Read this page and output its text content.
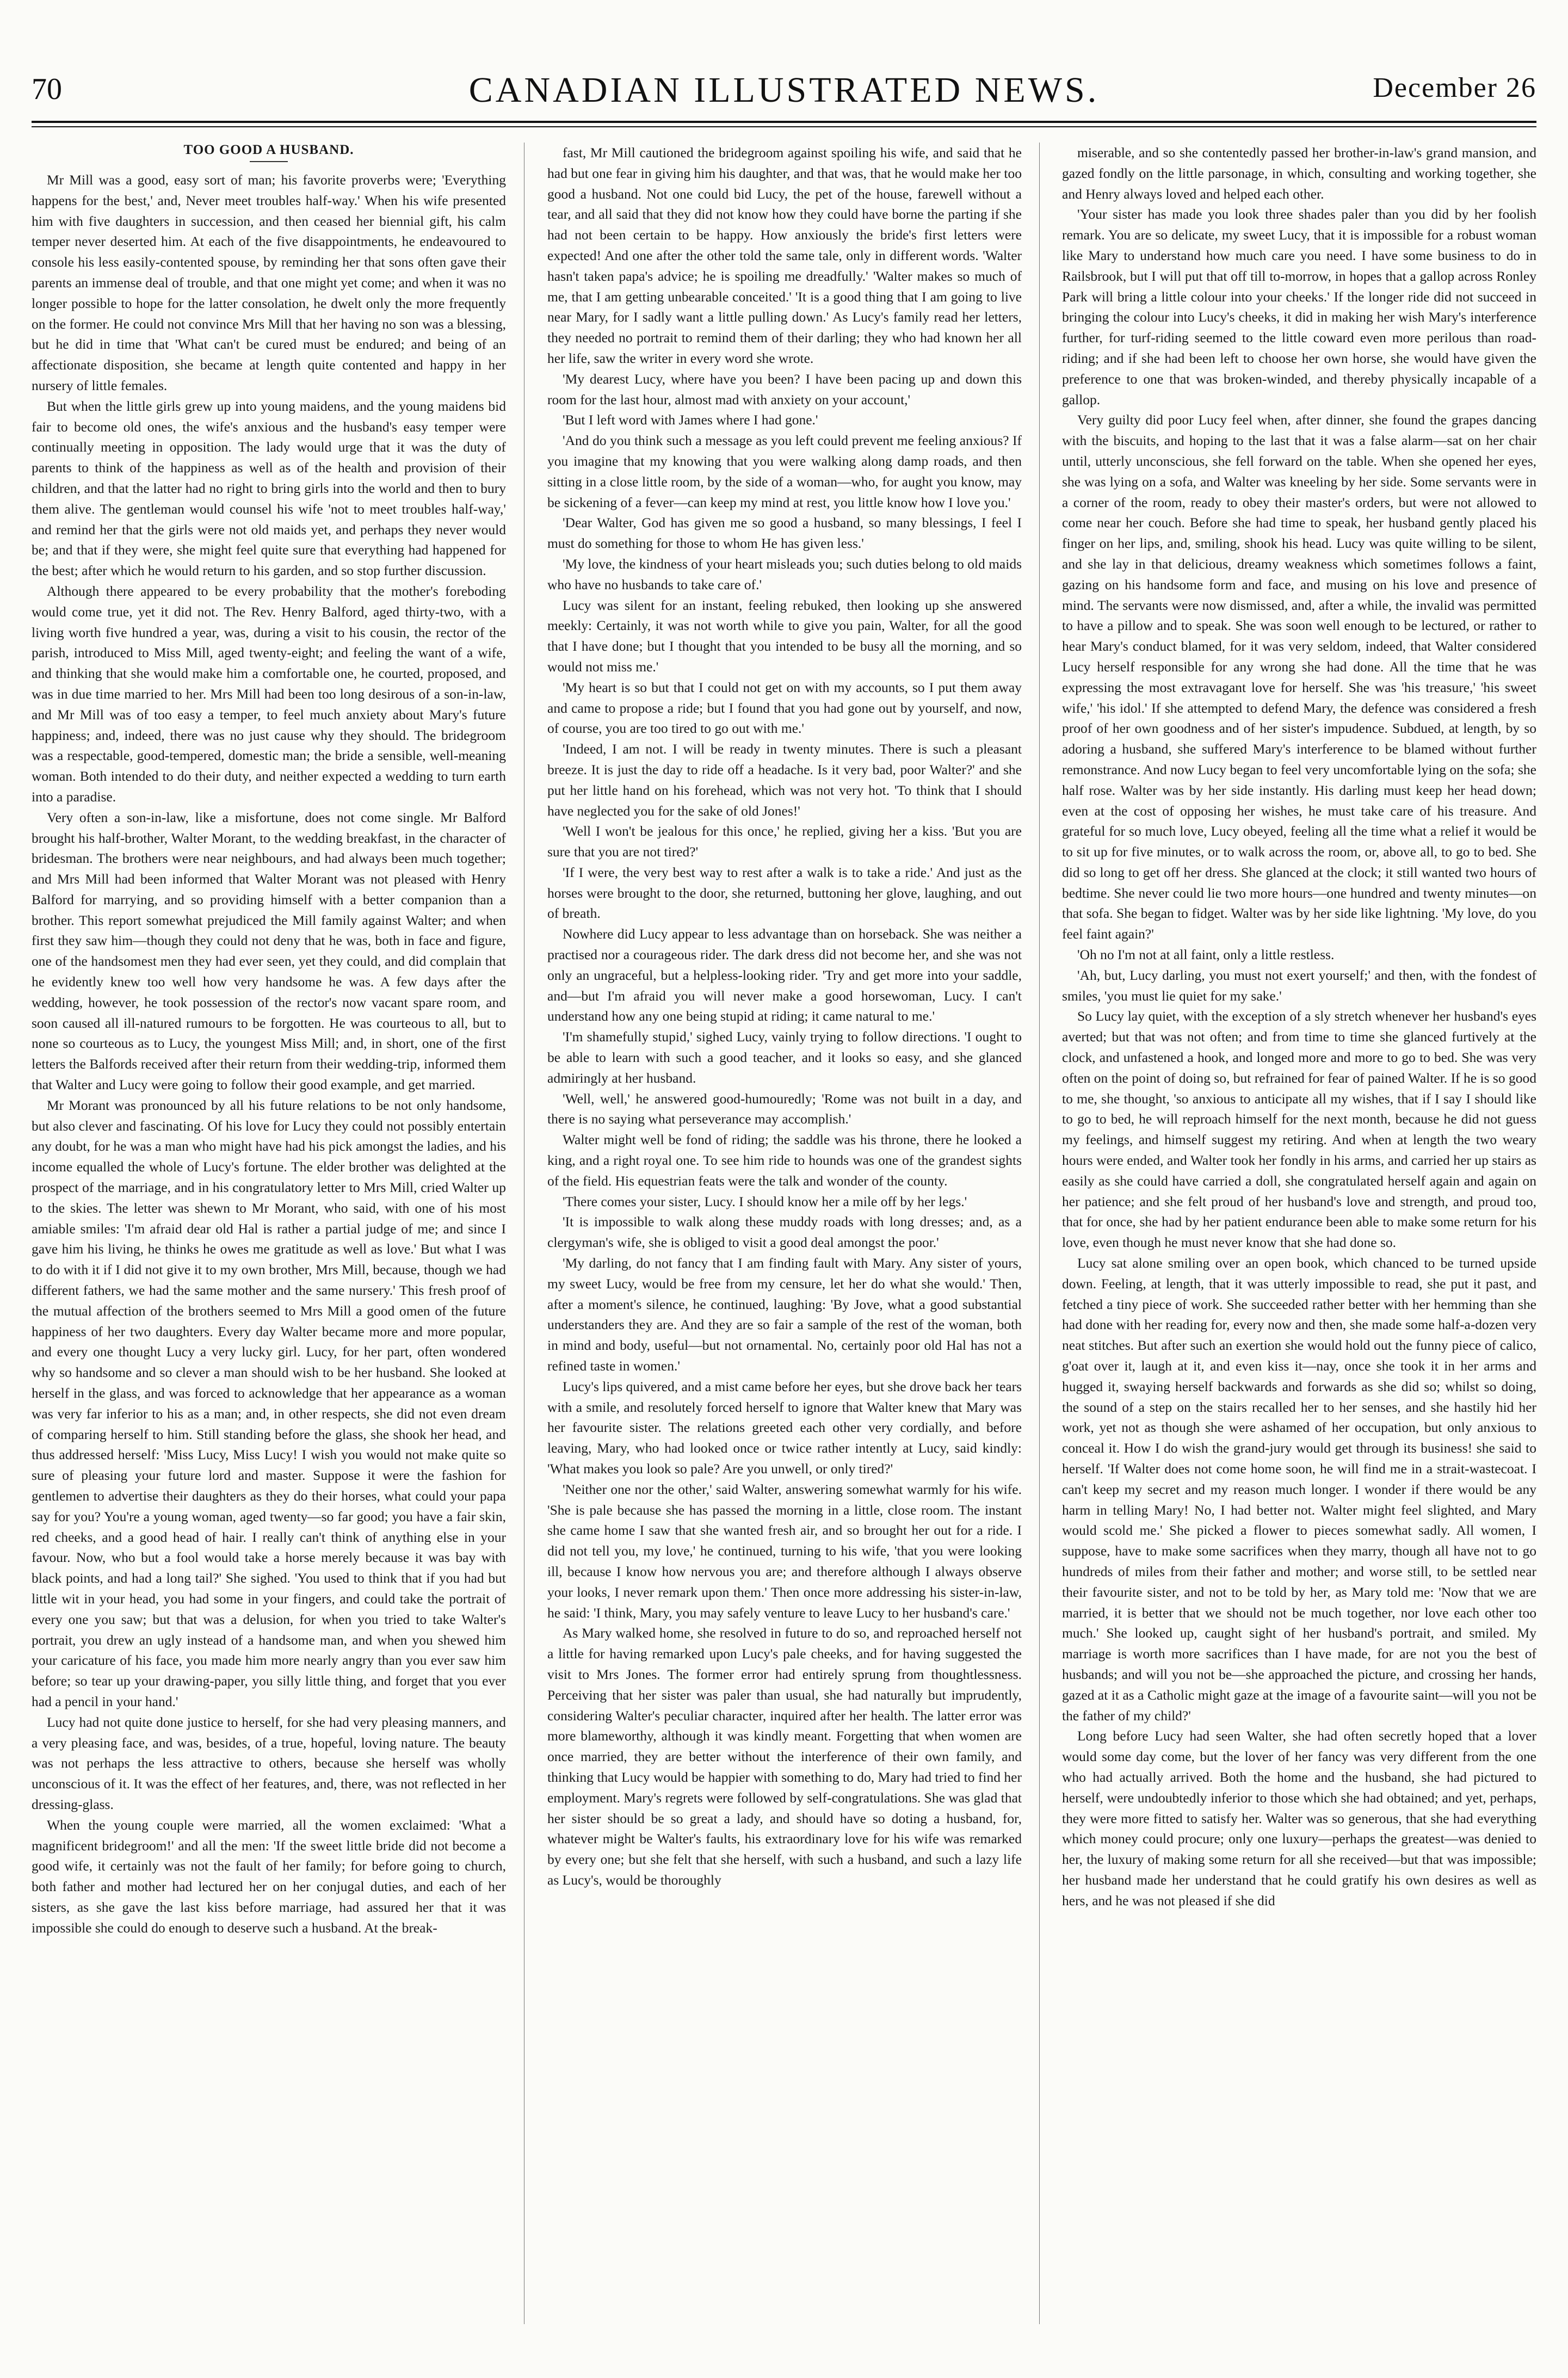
70	CANADIAN ILLUSTRATED NEWS.	December 26
TOO GOOD A HUSBAND.

Mr Mill was a good, easy sort of man; his favorite proverbs were; 'Everything happens for the best,' and, Never meet troubles half-way.' When his wife presented him with five daughters in succession, and then ceased her biennial gift, his calm temper never deserted him. At each of the five disappointments, he endeavoured to console his less easily-contented spouse, by reminding her that sons often gave their parents an immense deal of trouble, and that one might yet come; and when it was no longer possible to hope for the latter consolation, he dwelt only the more frequently on the former. He could not convince Mrs Mill that her having no son was a blessing, but he did in time that 'What can't be cured must be endured; and being of an affectionate disposition, she became at length quite contented and happy in her nursery of little females.

But when the little girls grew up into young maidens, and the young maidens bid fair to become old ones, the wife's anxious and the husband's easy temper were continually meeting in opposition. The lady would urge that it was the duty of parents to think of the happiness as well as of the health and provision of their children, and that the latter had no right to bring girls into the world and then to bury them alive. The gentleman would counsel his wife 'not to meet troubles half-way,' and remind her that the girls were not old maids yet, and perhaps they never would be; and that if they were, she might feel quite sure that everything had happened for the best; after which he would return to his garden, and so stop further discussion.

Although there appeared to be every probability that the mother's foreboding would come true, yet it did not. The Rev. Henry Balford, aged thirty-two, with a living worth five hundred a year, was, during a visit to his cousin, the rector of the parish, introduced to Miss Mill, aged twenty-eight; and feeling the want of a wife, and thinking that she would make him a comfortable one, he courted, proposed, and was in due time married to her. Mrs Mill had been too long desirous of a son-in-law, and Mr Mill was of too easy a temper, to feel much anxiety about Mary's future happiness; and, indeed, there was no just cause why they should. The bridegroom was a respectable, good-tempered, domestic man; the bride a sensible, well-meaning woman. Both intended to do their duty, and neither expected a wedding to turn earth into a paradise.

Very often a son-in-law, like a misfortune, does not come single. Mr Balford brought his half-brother, Walter Morant, to the wedding breakfast, in the character of bridesman. The brothers were near neighbours, and had always been much together; and Mrs Mill had been informed that Walter Morant was not pleased with Henry Balford for marrying, and so providing himself with a better companion than a brother. This report somewhat prejudiced the Mill family against Walter; and when first they saw him—though they could not deny that he was, both in face and figure, one of the handsomest men they had ever seen, yet they could, and did complain that he evidently knew too well how very handsome he was. A few days after the wedding, however, he took possession of the rector's now vacant spare room, and soon caused all ill-natured rumours to be forgotten. He was courteous to all, but to none so courteous as to Lucy, the youngest Miss Mill; and, in short, one of the first letters the Balfords received after their return from their wedding-trip, informed them that Walter and Lucy were going to follow their good example, and get married.

Mr Morant was pronounced by all his future relations to be not only handsome, but also clever and fascinating. Of his love for Lucy they could not possibly entertain any doubt, for he was a man who might have had his pick amongst the ladies, and his income equalled the whole of Lucy's fortune. The elder brother was delighted at the prospect of the marriage, and in his congratulatory letter to Mrs Mill, cried Walter up to the skies. The letter was shewn to Mr Morant, who said, with one of his most amiable smiles: 'I'm afraid dear old Hal is rather a partial judge of me; and since I gave him his living, he thinks he owes me gratitude as well as love.' But what I was to do with it if I did not give it to my own brother, Mrs Mill, because, though we had different fathers, we had the same mother and the same nursery.' This fresh proof of the mutual affection of the brothers seemed to Mrs Mill a good omen of the future happiness of her two daughters. Every day Walter became more and more popular, and every one thought Lucy a very lucky girl. Lucy, for her part, often wondered why so handsome and so clever a man should wish to be her husband. She looked at herself in the glass, and was forced to acknowledge that her appearance as a woman was very far inferior to his as a man; and, in other respects, she did not even dream of comparing herself to him. Still standing before the glass, she shook her head, and thus addressed herself: 'Miss Lucy, Miss Lucy! I wish you would not make quite so sure of pleasing your future lord and master. Suppose it were the fashion for gentlemen to advertise their daughters as they do their horses, what could your papa say for you? You're a young woman, aged twenty—so far good; you have a fair skin, red cheeks, and a good head of hair. I really can't think of anything else in your favour. Now, who but a fool would take a horse merely because it was bay with black points, and had a long tail?' She sighed. 'You used to think that if you had but little wit in your head, you had some in your fingers, and could take the portrait of every one you saw; but that was a delusion, for when you tried to take Walter's portrait, you drew an ugly instead of a handsome man, and when you shewed him your caricature of his face, you made him more nearly angry than you ever saw him before; so tear up your drawing-paper, you silly little thing, and forget that you ever had a pencil in your hand.'

Lucy had not quite done justice to herself, for she had very pleasing manners, and a very pleasing face, and was, besides, of a true, hopeful, loving nature. The beauty was not perhaps the less attractive to others, because she herself was wholly unconscious of it. It was the effect of her features, and, there, was not reflected in her dressing-glass.

When the young couple were married, all the women exclaimed: 'What a magnificent bridegroom!' and all the men: 'If the sweet little bride did not become a good wife, it certainly was not the fault of her family; for before going to church, both father and mother had lectured her on her conjugal duties, and each of her sisters, as she gave the last kiss before marriage, had assured her that it was impossible she could do enough to deserve such a husband. At the break-

fast, Mr Mill cautioned the bridegroom against spoiling his wife, and said that he had but one fear in giving him his daughter, and that was, that he would make her too good a husband. Not one could bid Lucy, the pet of the house, farewell without a tear, and all said that they did not know how they could have borne the parting if she had not been certain to be happy. How anxiously the bride's first letters were expected! And one after the other told the same tale, only in different words. 'Walter hasn't taken papa's advice; he is spoiling me dreadfully.' 'Walter makes so much of me, that I am getting unbearable conceited.' 'It is a good thing that I am going to live near Mary, for I sadly want a little pulling down.' As Lucy's family read her letters, they needed no portrait to remind them of their darling; they who had known her all her life, saw the writer in every word she wrote.

'My dearest Lucy, where have you been? I have been pacing up and down this room for the last hour, almost mad with anxiety on your account,'

'But I left word with James where I had gone.'

'And do you think such a message as you left could prevent me feeling anxious? If you imagine that my knowing that you were walking along damp roads, and then sitting in a close little room, by the side of a woman—who, for aught you know, may be sickening of a fever—can keep my mind at rest, you little know how I love you.'

'Dear Walter, God has given me so good a husband, so many blessings, I feel I must do something for those to whom He has given less.'

'My love, the kindness of your heart misleads you; such duties belong to old maids who have no husbands to take care of.'

Lucy was silent for an instant, feeling rebuked, then looking up she answered meekly: Certainly, it was not worth while to give you pain, Walter, for all the good that I have done; but I thought that you intended to be busy all the morning, and so would not miss me.'

'My heart is so but that I could not get on with my accounts, so I put them away and came to propose a ride; but I found that you had gone out by yourself, and now, of course, you are too tired to go out with me.'

'Indeed, I am not. I will be ready in twenty minutes. There is such a pleasant breeze. It is just the day to ride off a headache. Is it very bad, poor Walter?' and she put her little hand on his forehead, which was not very hot. 'To think that I should have neglected you for the sake of old Jones!'

'Well I won't be jealous for this once,' he replied, giving her a kiss. 'But you are sure that you are not tired?'

'If I were, the very best way to rest after a walk is to take a ride.' And just as the horses were brought to the door, she returned, buttoning her glove, laughing, and out of breath.

Nowhere did Lucy appear to less advantage than on horseback. She was neither a practised nor a courageous rider. The dark dress did not become her, and she was not only an ungraceful, but a helpless-looking rider. 'Try and get more into your saddle, and—but I'm afraid you will never make a good horsewoman, Lucy. I can't understand how any one being stupid at riding; it came natural to me.'

'I'm shamefully stupid,' sighed Lucy, vainly trying to follow directions. 'I ought to be able to learn with such a good teacher, and it looks so easy, and she glanced admiringly at her husband.

'Well, well,' he answered good-humouredly; 'Rome was not built in a day, and there is no saying what perseverance may accomplish.'

Walter might well be fond of riding; the saddle was his throne, there he looked a king, and a right royal one. To see him ride to hounds was one of the grandest sights of the field. His equestrian feats were the talk and wonder of the county.

'There comes your sister, Lucy. I should know her a mile off by her legs.'

'It is impossible to walk along these muddy roads with long dresses; and, as a clergyman's wife, she is obliged to visit a good deal amongst the poor.'

'My darling, do not fancy that I am finding fault with Mary. Any sister of yours, my sweet Lucy, would be free from my censure, let her do what she would.' Then, after a moment's silence, he continued, laughing: 'By Jove, what a good substantial understanders they are. And they are so fair a sample of the rest of the woman, both in mind and body, useful—but not ornamental. No, certainly poor old Hal has not a refined taste in women.'

Lucy's lips quivered, and a mist came before her eyes, but she drove back her tears with a smile, and resolutely forced herself to ignore that Walter knew that Mary was her favourite sister. The relations greeted each other very cordially, and before leaving, Mary, who had looked once or twice rather intently at Lucy, said kindly: 'What makes you look so pale? Are you unwell, or only tired?'

'Neither one nor the other,' said Walter, answering somewhat warmly for his wife. 'She is pale because she has passed the morning in a little, close room. The instant she came home I saw that she wanted fresh air, and so brought her out for a ride. I did not tell you, my love,' he continued, turning to his wife, 'that you were looking ill, because I know how nervous you are; and therefore although I always observe your looks, I never remark upon them.' Then once more addressing his sister-in-law, he said: 'I think, Mary, you may safely venture to leave Lucy to her husband's care.'

As Mary walked home, she resolved in future to do so, and reproached herself not a little for having remarked upon Lucy's pale cheeks, and for having suggested the visit to Mrs Jones. The former error had entirely sprung from thoughtlessness. Perceiving that her sister was paler than usual, she had naturally but imprudently, considering Walter's peculiar character, inquired after her health. The latter error was more blameworthy, although it was kindly meant. Forgetting that when women are once married, they are better without the interference of their own family, and thinking that Lucy would be happier with something to do, Mary had tried to find her employment. Mary's regrets were followed by self-congratulations. She was glad that her sister should be so great a lady, and should have so doting a husband, for, whatever might be Walter's faults, his extraordinary love for his wife was remarked by every one; but she felt that she herself, with such a husband, and such a lazy life as Lucy's, would be thoroughly

miserable, and so she contentedly passed her brother-in-law's grand mansion, and gazed fondly on the little parsonage, in which, consulting and working together, she and Henry always loved and helped each other.

'Your sister has made you look three shades paler than you did by her foolish remark. You are so delicate, my sweet Lucy, that it is impossible for a robust woman like Mary to understand how much care you need. I have some business to do in Railsbrook, but I will put that off till to-morrow, in hopes that a gallop across Ronley Park will bring a little colour into your cheeks.' If the longer ride did not succeed in bringing the colour into Lucy's cheeks, it did in making her wish Mary's interference further, for turf-riding seemed to the little coward even more perilous than road-riding; and if she had been left to choose her own horse, she would have given the preference to one that was broken-winded, and thereby physically incapable of a gallop.

Very guilty did poor Lucy feel when, after dinner, she found the grapes dancing with the biscuits, and hoping to the last that it was a false alarm—sat on her chair until, utterly unconscious, she fell forward on the table. When she opened her eyes, she was lying on a sofa, and Walter was kneeling by her side. Some servants were in a corner of the room, ready to obey their master's orders, but were not allowed to come near her couch. Before she had time to speak, her husband gently placed his finger on her lips, and, smiling, shook his head. Lucy was quite willing to be silent, and she lay in that delicious, dreamy weakness which sometimes follows a faint, gazing on his handsome form and face, and musing on his love and presence of mind. The servants were now dismissed, and, after a while, the invalid was permitted to have a pillow and to speak. She was soon well enough to be lectured, or rather to hear Mary's conduct blamed, for it was very seldom, indeed, that Walter considered Lucy herself responsible for any wrong she had done. All the time that he was expressing the most extravagant love for herself. She was 'his treasure,' 'his sweet wife,' 'his idol.' If she attempted to defend Mary, the defence was considered a fresh proof of her own goodness and of her sister's impudence. Subdued, at length, by so adoring a husband, she suffered Mary's interference to be blamed without further remonstrance. And now Lucy began to feel very uncomfortable lying on the sofa; she half rose. Walter was by her side instantly. His darling must keep her head down; even at the cost of opposing her wishes, he must take care of his treasure. And grateful for so much love, Lucy obeyed, feeling all the time what a relief it would be to sit up for five minutes, or to walk across the room, or, above all, to go to bed. She did so long to get off her dress. She glanced at the clock; it still wanted two hours of bedtime. She never could lie two more hours—one hundred and twenty minutes—on that sofa. She began to fidget. Walter was by her side like lightning. 'My love, do you feel faint again?'

'Oh no I'm not at all faint, only a little restless.

'Ah, but, Lucy darling, you must not exert yourself;' and then, with the fondest of smiles, 'you must lie quiet for my sake.'

So Lucy lay quiet, with the exception of a sly stretch whenever her husband's eyes averted; but that was not often; and from time to time she glanced furtively at the clock, and unfastened a hook, and longed more and more to go to bed. She was very often on the point of doing so, but refrained for fear of pained Walter. If he is so good to me, she thought, 'so anxious to anticipate all my wishes, that if I say I should like to go to bed, he will reproach himself for the next month, because he did not guess my feelings, and himself suggest my retiring. And when at length the two weary hours were ended, and Walter took her fondly in his arms, and carried her up stairs as easily as she could have carried a doll, she congratulated herself again and again on her patience; and she felt proud of her husband's love and strength, and proud too, that for once, she had by her patient endurance been able to make some return for his love, even though he must never know that she had done so.

Lucy sat alone smiling over an open book, which chanced to be turned upside down. Feeling, at length, that it was utterly impossible to read, she put it past, and fetched a tiny piece of work. She succeeded rather better with her hemming than she had done with her reading for, every now and then, she made some half-a-dozen very neat stitches. But after such an exertion she would hold out the funny piece of calico, g'oat over it, laugh at it, and even kiss it—nay, once she took it in her arms and hugged it, swaying herself backwards and forwards as she did so; whilst so doing, the sound of a step on the stairs recalled her to her senses, and she hastily hid her work, yet not as though she were ashamed of her occupation, but only anxious to conceal it. How I do wish the grand-jury would get through its business! she said to herself. 'If Walter does not come home soon, he will find me in a strait-wastecoat. I can't keep my secret and my reason much longer. I wonder if there would be any harm in telling Mary! No, I had better not. Walter might feel slighted, and Mary would scold me.' She picked a flower to pieces somewhat sadly. All women, I suppose, have to make some sacrifices when they marry, though all have not to go hundreds of miles from their father and mother; and worse still, to be settled near their favourite sister, and not to be told by her, as Mary told me: 'Now that we are married, it is better that we should not be much together, nor love each other too much.' She looked up, caught sight of her husband's portrait, and smiled. My marriage is worth more sacrifices than I have made, for are not you the best of husbands; and will you not be—she approached the picture, and crossing her hands, gazed at it as a Catholic might gaze at the image of a favourite saint—will you not be the father of my child?'

Long before Lucy had seen Walter, she had often secretly hoped that a lover would some day come, but the lover of her fancy was very different from the one who had actually arrived. Both the home and the husband, she had pictured to herself, were undoubtedly inferior to those which she had obtained; and yet, perhaps, they were more fitted to satisfy her. Walter was so generous, that she had everything which money could procure; only one luxury—perhaps the greatest—was denied to her, the luxury of making some return for all she received—but that was impossible; her husband made her understand that he could gratify his own desires as well as hers, and he was not pleased if she did
